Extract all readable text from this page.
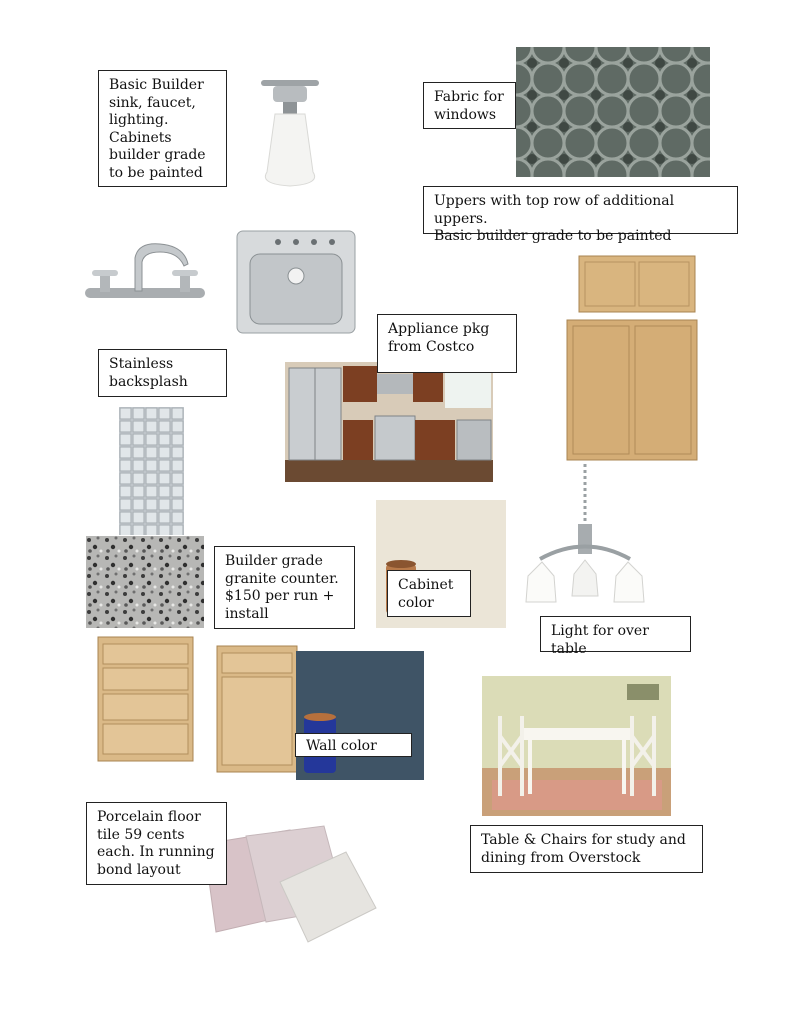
Basic Builder
sink, faucet,
lighting.
Cabinets
builder grade
to be painted
Fabric for
windows
Uppers with top row of additional uppers.
Basic builder grade to be painted
Appliance pkg
from Costco
Stainless
backsplash
Builder grade
granite counter.
$150 per run +
install
Cabinet
color
Light for over table
Wall color
Porcelain floor
tile 59 cents
each. In running
bond layout
Table & Chairs for study and
dining from Overstock
